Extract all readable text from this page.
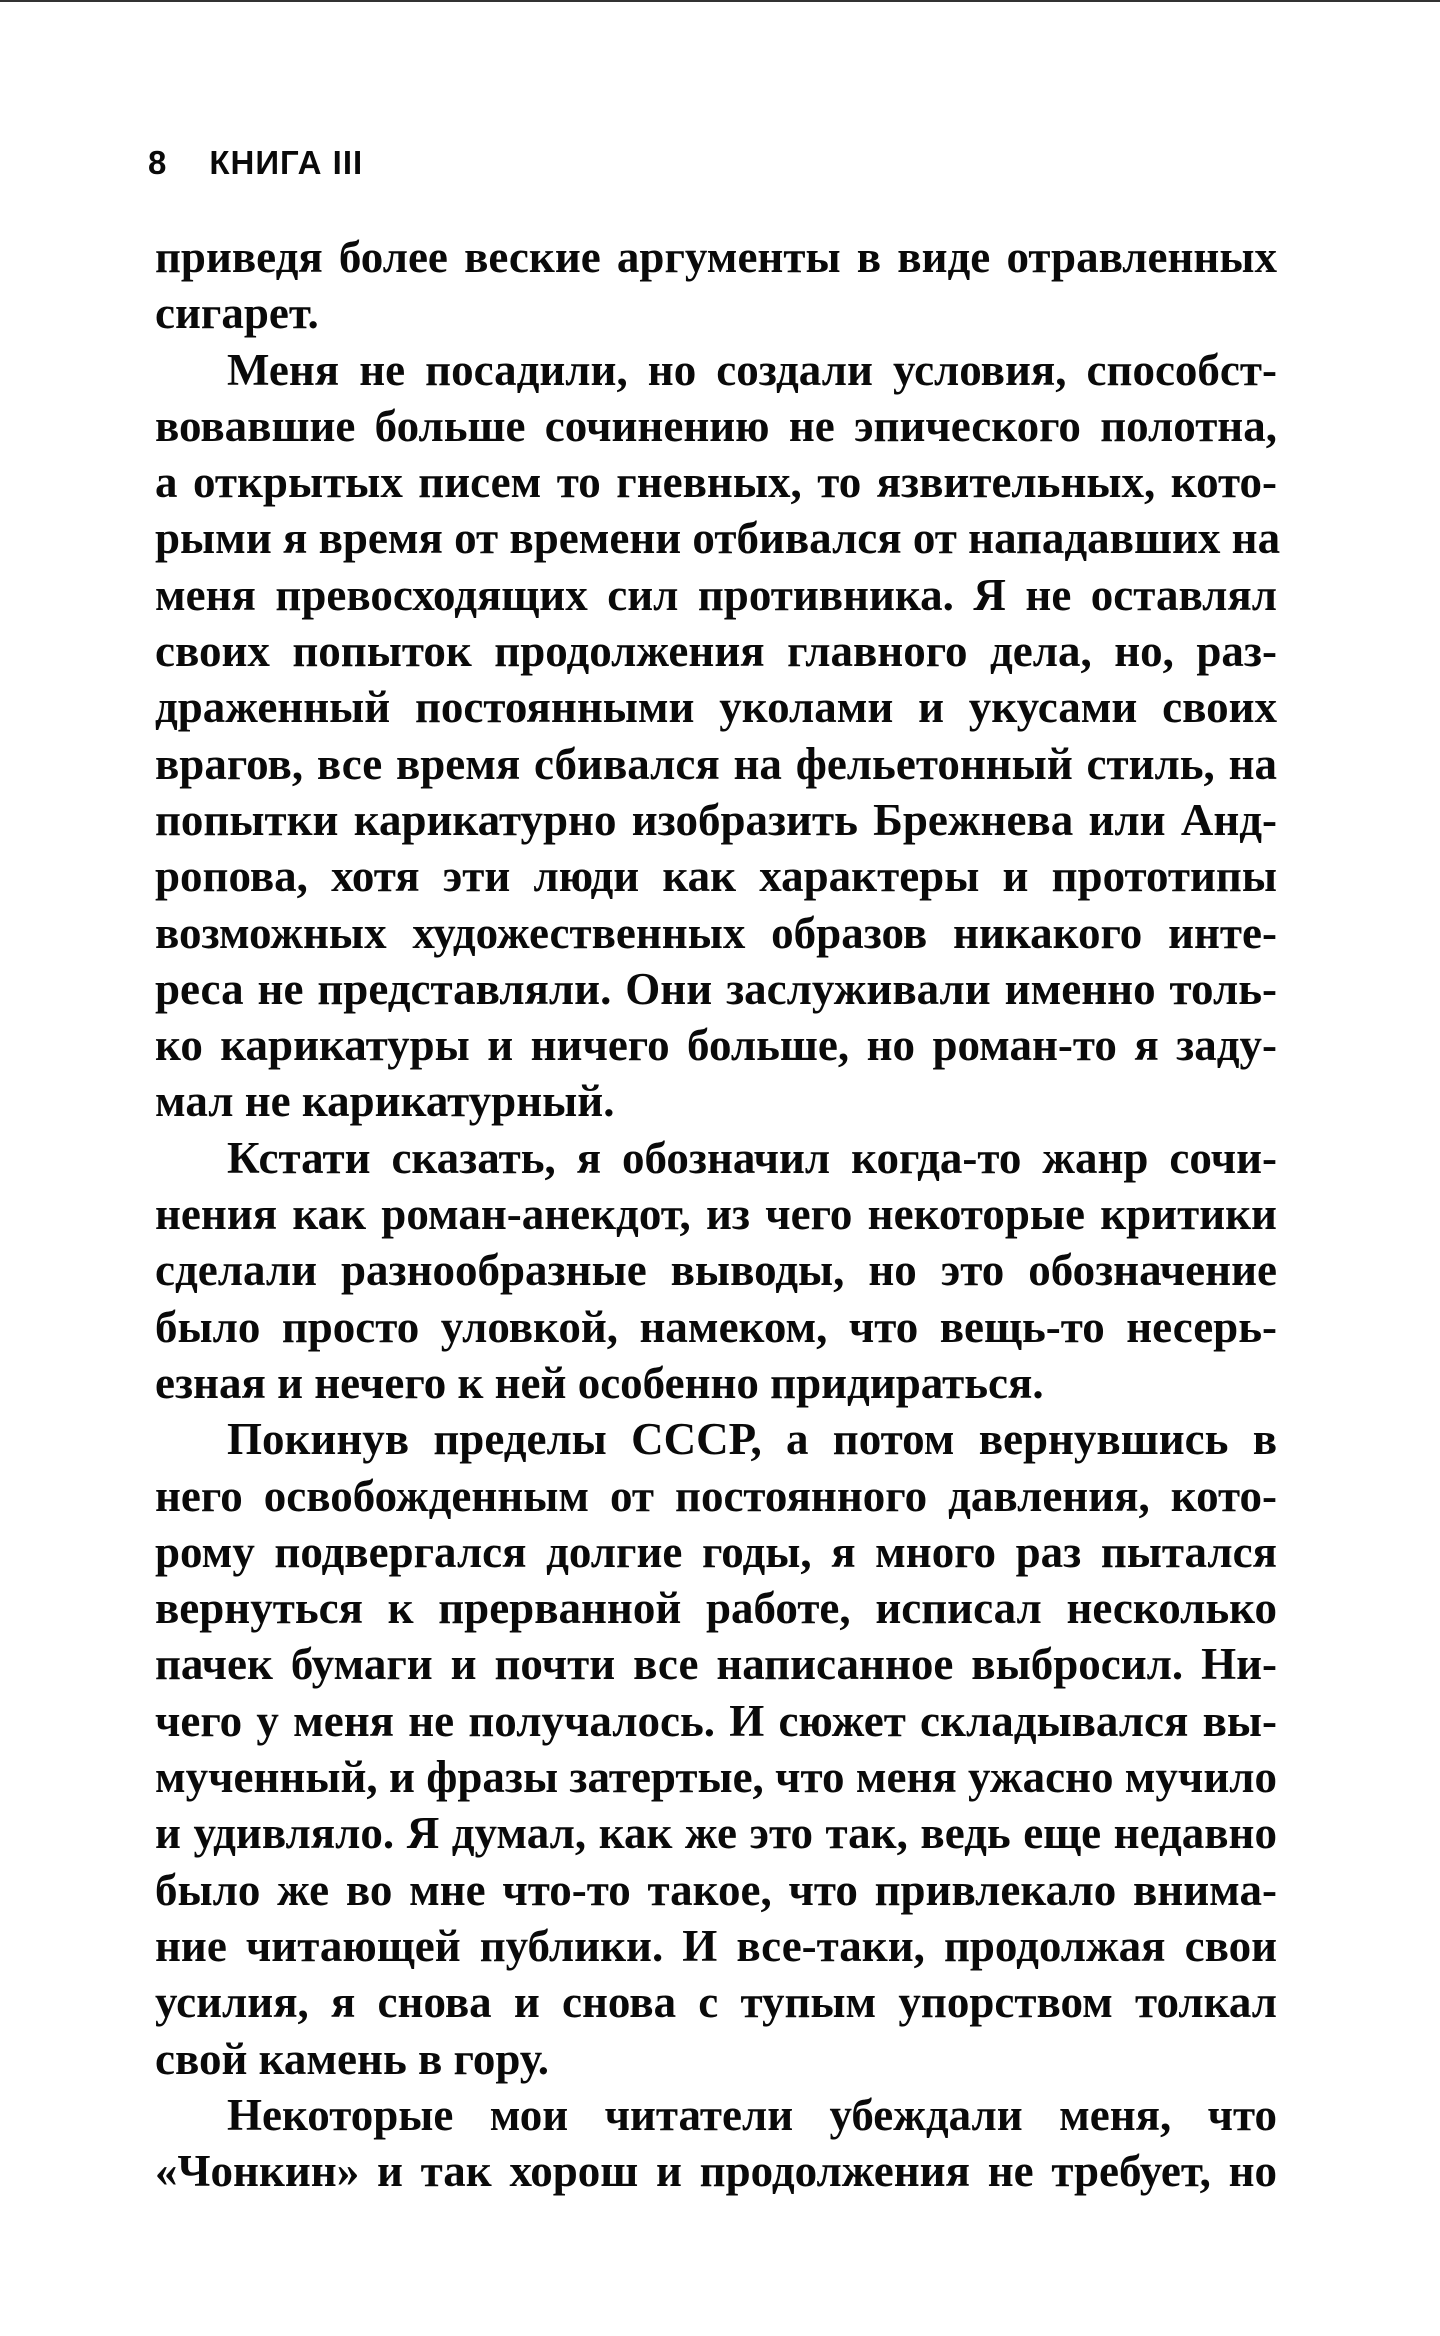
8 КНИГА III
приведя более веские аргументы в виде отравленных
сигарет.
Меня не посадили, но создали условия, способст-
вовавшие больше сочинению не эпического полотна,
а открытых писем то гневных, то язвительных, кото-
рыми я время от времени отбивался от нападавших на
меня превосходящих сил противника. Я не оставлял
своих попыток продолжения главного дела, но, раз-
драженный постоянными уколами и укусами своих
врагов, все время сбивался на фельетонный стиль, на
попытки карикатурно изобразить Брежнева или Анд-
ропова, хотя эти люди как характеры и прототипы
возможных художественных образов никакого инте-
реса не представляли. Они заслуживали именно толь-
ко карикатуры и ничего больше, но роман-то я заду-
мал не карикатурный.
Кстати сказать, я обозначил когда-то жанр сочи-
нения как роман-анекдот, из чего некоторые критики
сделали разнообразные выводы, но это обозначение
было просто уловкой, намеком, что вещь-то несерь-
езная и нечего к ней особенно придираться.
Покинув пределы СССР, а потом вернувшись в
него освобожденным от постоянного давления, кото-
рому подвергался долгие годы, я много раз пытался
вернуться к прерванной работе, исписал несколько
пачек бумаги и почти все написанное выбросил. Ни-
чего у меня не получалось. И сюжет складывался вы-
мученный, и фразы затертые, что меня ужасно мучило
и удивляло. Я думал, как же это так, ведь еще недавно
было же во мне что-то такое, что привлекало внима-
ние читающей публики. И все-таки, продолжая свои
усилия, я снова и снова с тупым упорством толкал
свой камень в гору.
Некоторые мои читатели убеждали меня, что
«Чонкин» и так хорош и продолжения не требует, но
